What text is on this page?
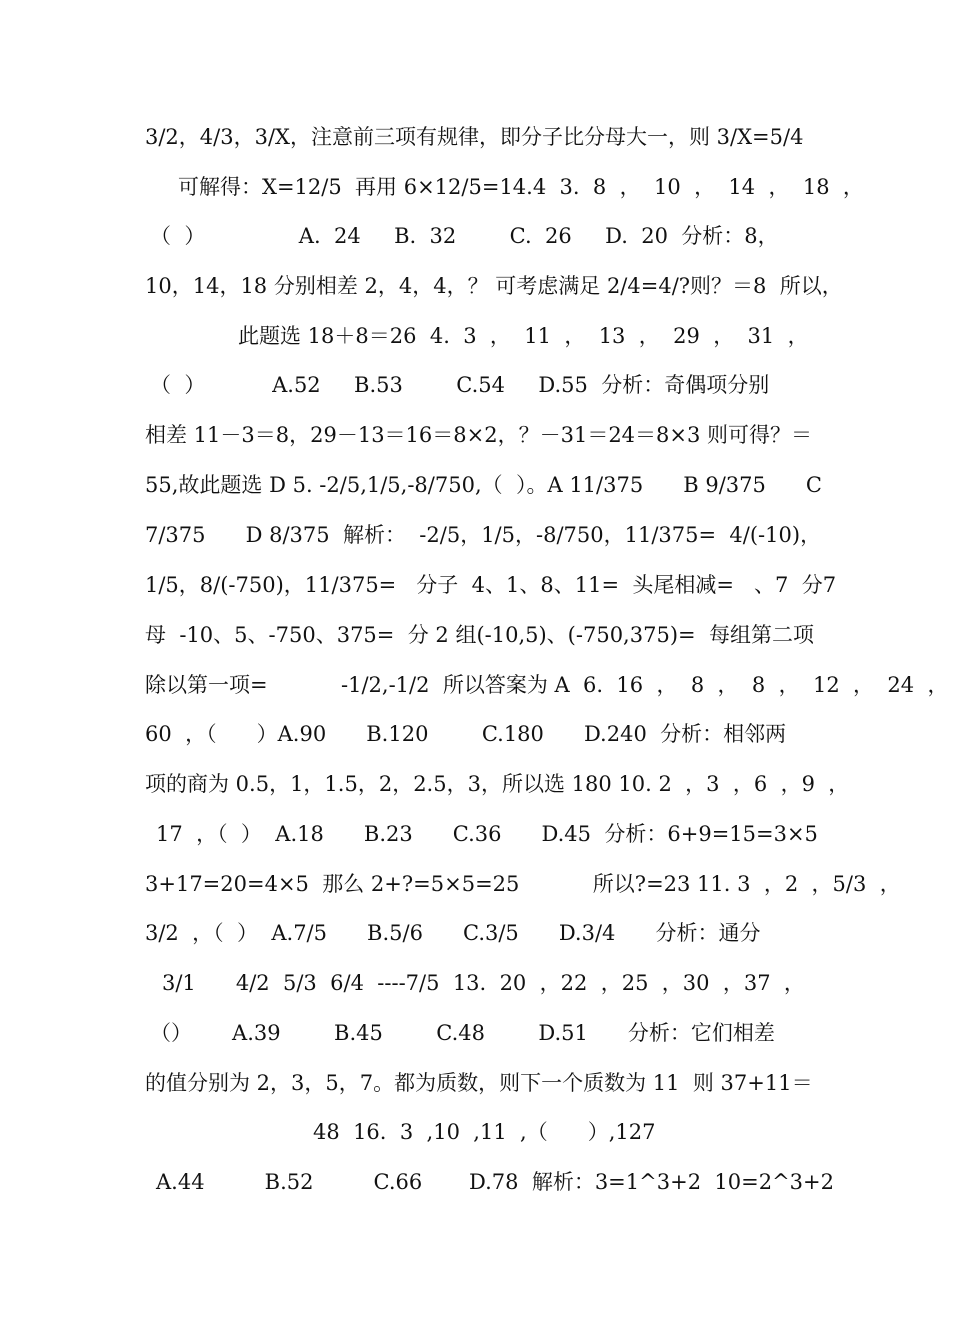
3/2，4/3，3/X，注意前三项有规律，即分子比分母大一，则 3/X=5/4
可解得：X=12/5  再用 6×12/5=14.4  3.  8  ，  10  ，  14  ，  18  ，
（  ）              A.  24     B.  32        C.  26     D.  20  分析：8，
10，14，18 分别相差 2，4，4，？ 可考虑满足 2/4=4/?则？＝8  所以，
此题选 18＋8＝26  4.  3  ，  11  ，  13  ，  29  ，  31  ，
（  ）          A.52     B.53        C.54     D.55  分析：奇偶项分别
相差 11－3＝8，29－13＝16＝8×2，？－31＝24＝8×3 则可得？＝
55,故此题选 D 5. -2/5,1/5,-8/750,（  ）。A 11/375      B 9/375      C
7/375      D 8/375  解析：  -2/5，1/5，-8/750，11/375=  4/(-10)，
1/5，8/(-750)，11/375=   分子  4、1、8、11=  头尾相减=   、7  分7
母  -10、5、-750、375=  分 2 组(-10,5)、(-750,375)=  每组第二项
除以第一项=           -1/2,-1/2  所以答案为 A  6.  16  ，  8  ，  8  ，  12  ，  24  ，
60  ，（      ）A.90      B.120        C.180      D.240  分析：相邻两
项的商为 0.5，1，1.5，2，2.5，3，所以选 180 10. 2  ，3  ，6  ，9  ，
17  ，（  ）  A.18      B.23      C.36      D.45  分析：6+9=15=3×5
3+17=20=4×5  那么 2+?=5×5=25           所以?=23 11. 3  ，2  ，5/3  ，
3/2  ，（  ）  A.7/5      B.5/6      C.3/5      D.3/4      分析：通分
3/1      4/2  5/3  6/4  ----7/5  13.  20  ，22  ，25  ，30  ，37  ，
（）      A.39        B.45        C.48        D.51      分析：它们相差
的值分别为 2，3，5，7。都为质数，则下一个质数为 11  则 37+11＝
48  16.  3  ,10  ,11  ,（      ）,127
A.44         B.52         C.66       D.78  解析：3=1^3+2  10=2^3+2
